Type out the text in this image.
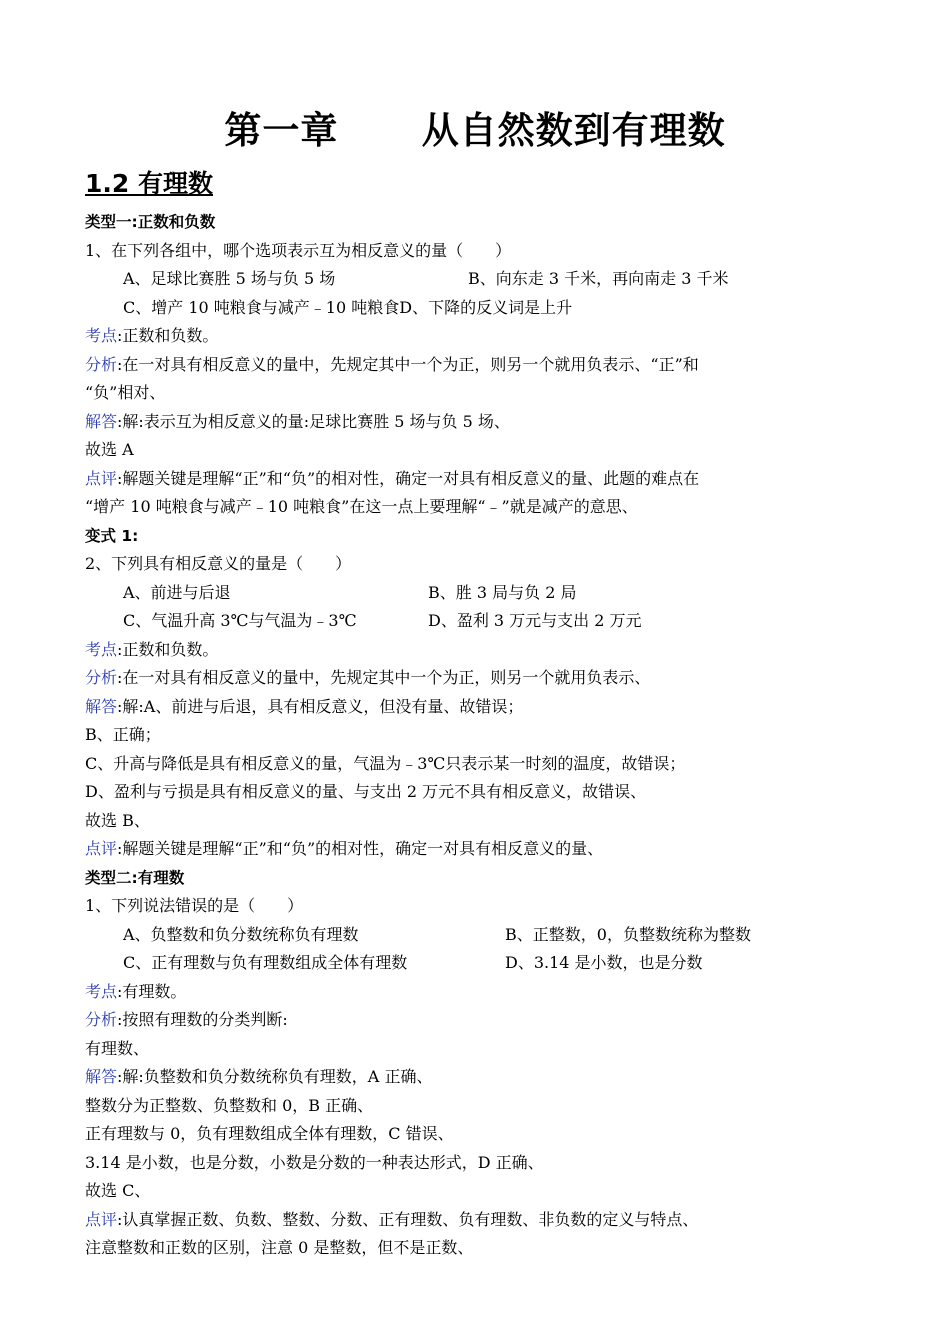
第一章      从自然数到有理数
1.2 有理数
类型一:正数和负数
1、在下列各组中，哪个选项表示互为相反意义的量（　　）
A、足球比赛胜 5 场与负 5 场	B、向东走 3 千米，再向南走 3 千米
C、增产 10 吨粮食与减产﹣10 吨粮食D、下降的反义词是上升
考点:正数和负数。
分析:在一对具有相反意义的量中，先规定其中一个为正，则另一个就用负表示、“正”和
“负”相对、
解答:解:表示互为相反意义的量:足球比赛胜 5 场与负 5 场、
故选 A
点评:解题关键是理解“正”和“负”的相对性，确定一对具有相反意义的量、此题的难点在
“增产 10 吨粮食与减产﹣10 吨粮食”在这一点上要理解“﹣”就是减产的意思、
变式 1:
2、下列具有相反意义的量是（　　）
A、前进与后退	B、胜 3 局与负 2 局
C、气温升高 3℃与气温为﹣3℃	D、盈利 3 万元与支出 2 万元
考点:正数和负数。
分析:在一对具有相反意义的量中，先规定其中一个为正，则另一个就用负表示、
解答:解:A、前进与后退，具有相反意义，但没有量、故错误；
B、正确；
C、升高与降低是具有相反意义的量，气温为﹣3℃只表示某一时刻的温度，故错误；
D、盈利与亏损是具有相反意义的量、与支出 2 万元不具有相反意义，故错误、
故选 B、
点评:解题关键是理解“正”和“负”的相对性，确定一对具有相反意义的量、
类型二:有理数
1、下列说法错误的是（　　）
A、负整数和负分数统称负有理数	B、正整数，0，负整数统称为整数
C、正有理数与负有理数组成全体有理数	D、3.14 是小数，也是分数
考点:有理数。
分析:按照有理数的分类判断:
有理数、
解答:解:负整数和负分数统称负有理数，A 正确、
整数分为正整数、负整数和 0，B 正确、
正有理数与 0，负有理数组成全体有理数，C 错误、
3.14 是小数，也是分数，小数是分数的一种表达形式，D 正确、
故选 C、
点评:认真掌握正数、负数、整数、分数、正有理数、负有理数、非负数的定义与特点、
注意整数和正数的区别，注意 0 是整数，但不是正数、
